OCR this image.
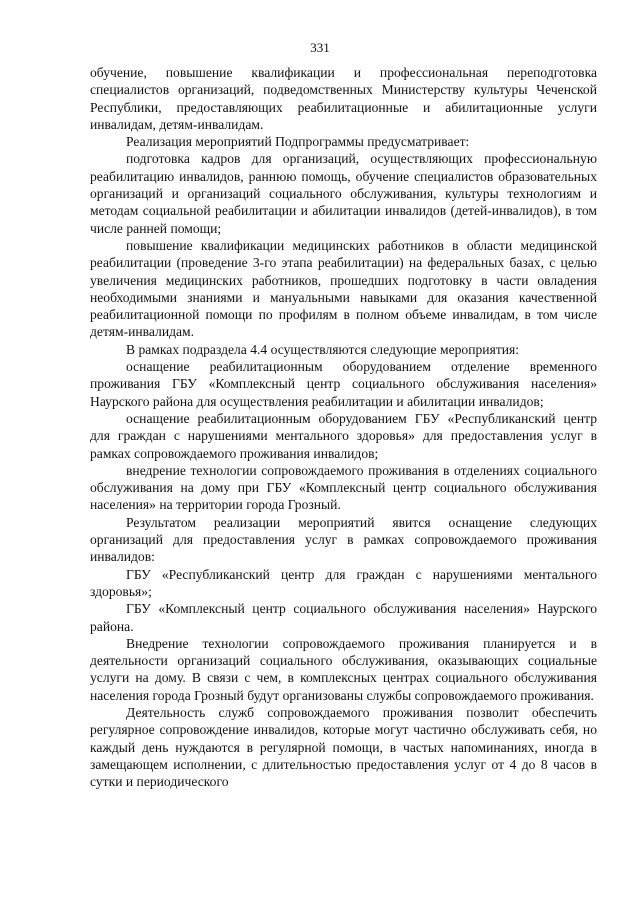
331

обучение, повышение квалификации и профессиональная переподготовка специалистов организаций, подведомственных Министерству культуры Чеченской Республики, предоставляющих реабилитационные и абилитационные услуги инвалидам, детям-инвалидам.

Реализация мероприятий Подпрограммы предусматривает:

подготовка кадров для организаций, осуществляющих профессиональную реабилитацию инвалидов, раннюю помощь, обучение специалистов образовательных организаций и организаций социального обслуживания, культуры технологиям и методам социальной реабилитации и абилитации инвалидов (детей-инвалидов), в том числе ранней помощи;

повышение квалификации медицинских работников в области медицинской реабилитации (проведение 3-го этапа реабилитации) на федеральных базах, с целью увеличения медицинских работников, прошедших подготовку в части овладения необходимыми знаниями и мануальными навыками для оказания качественной реабилитационной помощи по профилям в полном объеме инвалидам, в том числе детям-инвалидам.

В рамках подраздела 4.4 осуществляются следующие мероприятия:

оснащение реабилитационным оборудованием отделение временного проживания ГБУ «Комплексный центр социального обслуживания населения» Наурского района для осуществления реабилитации и абилитации инвалидов;

оснащение реабилитационным оборудованием ГБУ «Республиканский центр для граждан с нарушениями ментального здоровья» для предоставления услуг в рамках сопровождаемого проживания инвалидов;

внедрение технологии сопровождаемого проживания в отделениях социального обслуживания на дому при ГБУ «Комплексный центр социального обслуживания населения» на территории города Грозный.

Результатом реализации мероприятий явится оснащение следующих организаций для предоставления услуг в рамках сопровождаемого проживания инвалидов:

ГБУ «Республиканский центр для граждан с нарушениями ментального здоровья»;

ГБУ «Комплексный центр социального обслуживания населения» Наурского района.

Внедрение технологии сопровождаемого проживания планируется и в деятельности организаций социального обслуживания, оказывающих социальные услуги на дому. В связи с чем, в комплексных центрах социального обслуживания населения города Грозный будут организованы службы сопровождаемого проживания.

Деятельность служб сопровождаемого проживания позволит обеспечить регулярное сопровождение инвалидов, которые могут частично обслуживать себя, но каждый день нуждаются в регулярной помощи, в частых напоминаниях, иногда в замещающем исполнении, с длительностью предоставления услуг от 4 до 8 часов в сутки и периодического
